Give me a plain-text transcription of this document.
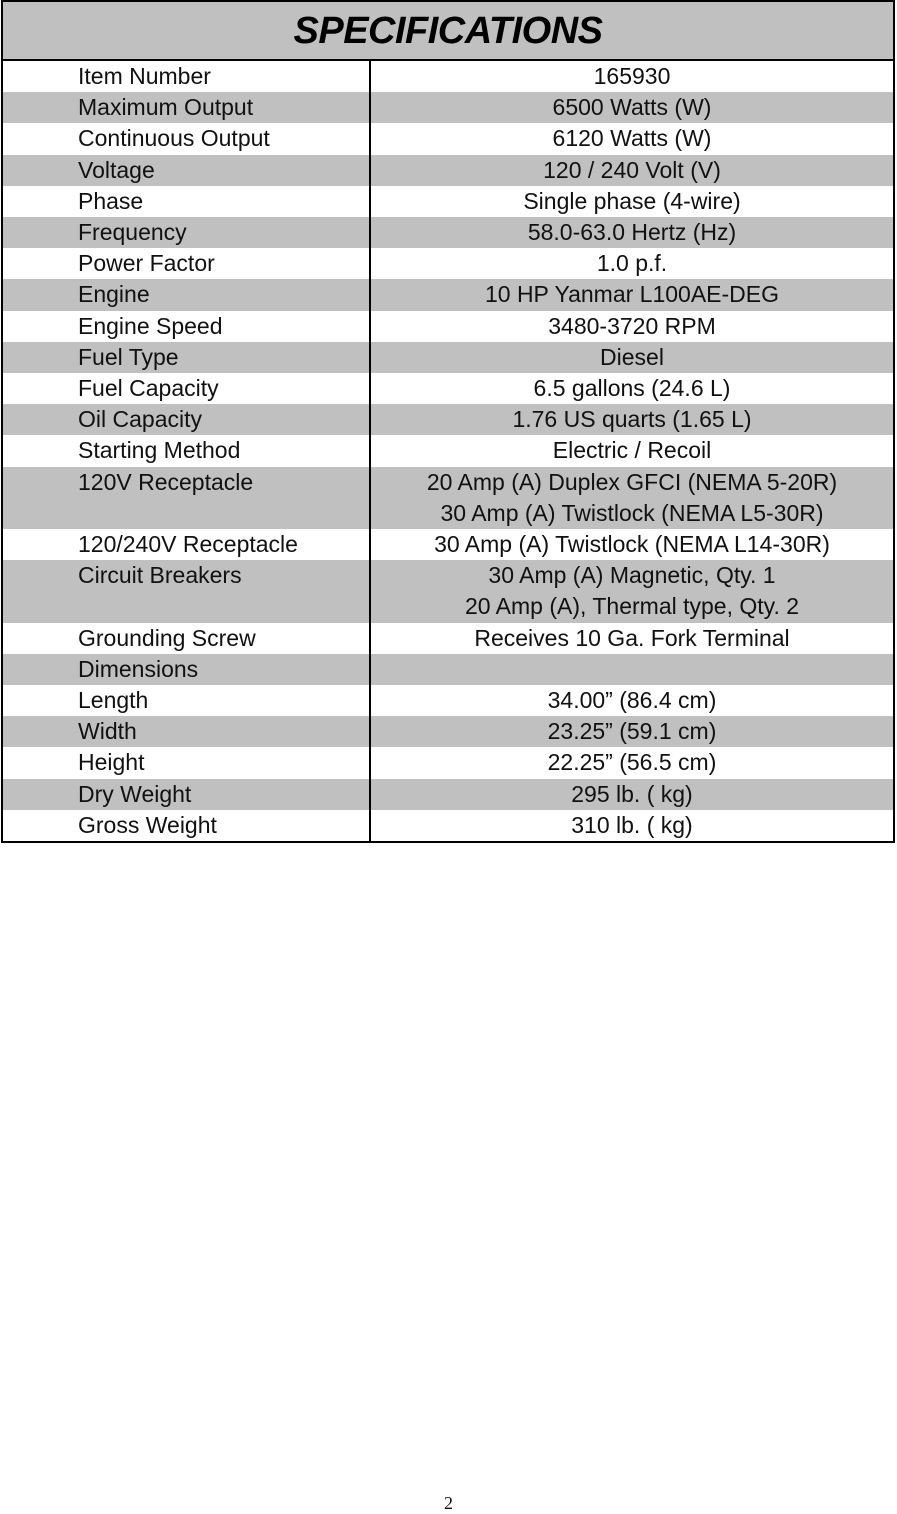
SPECIFICATIONS
Item Number	165930
Maximum Output	6500 Watts (W)
Continuous Output	6120 Watts (W)
Voltage	120 / 240 Volt (V)
Phase	Single phase (4-wire)
Frequency	58.0-63.0 Hertz (Hz)
Power Factor	1.0 p.f.
Engine	10 HP Yanmar L100AE-DEG
Engine Speed	3480-3720 RPM
Fuel Type	Diesel
Fuel Capacity	6.5 gallons (24.6 L)
Oil Capacity	1.76 US quarts (1.65 L)
Starting Method	Electric / Recoil
120V Receptacle	20 Amp (A) Duplex GFCI (NEMA 5-20R)
30 Amp (A) Twistlock (NEMA L5-30R)
120/240V Receptacle	30 Amp (A) Twistlock (NEMA L14-30R)
Circuit Breakers	30 Amp (A) Magnetic, Qty. 1
20 Amp (A), Thermal type, Qty. 2
Grounding Screw	Receives 10 Ga. Fork Terminal
Dimensions

Length	34.00” (86.4 cm)
Width	23.25” (59.1 cm)
Height	22.25” (56.5 cm)
Dry Weight	295 lb. ( kg)
Gross Weight	310 lb. ( kg)
2
